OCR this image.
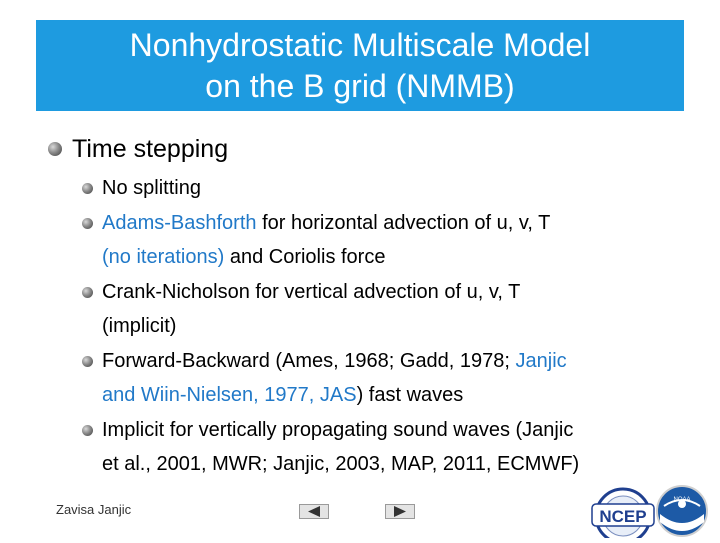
Nonhydrostatic Multiscale Model
on the B grid (NMMB)
Time stepping
No splitting
Adams-Bashforth for horizontal advection of u, v, T
(no iterations) and Coriolis force
Crank-Nicholson for vertical advection of u, v, T
(implicit)
Forward-Backward (Ames, 1968; Gadd, 1978; Janjic
and Wiin-Nielsen, 1977, JAS) fast waves
Implicit for vertically propagating sound waves (Janjic
et al., 2001, MWR; Janjic, 2003, MAP, 2011, ECMWF)
Zavisa Janjic	NCEP
NOAA
